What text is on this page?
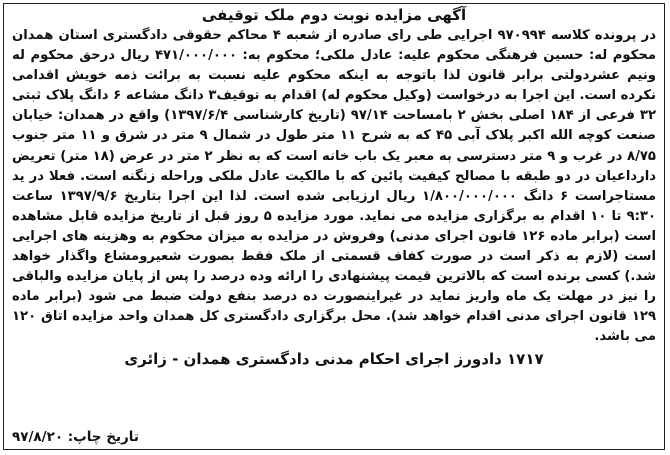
آگهی مزایده نوبت دوم ملک توقیفی
در پرونده کلاسه ۹۷۰۹۹۴ اجرایی طی رای صادره از شعبه ۴ محاکم حقوقی دادگستری استان همدان محکوم له: حسین فرهنگی محکوم علیه: عادل ملکی؛ محکوم به: ۴۷۱/۰۰۰/۰۰۰ ریال درحق محکوم له ونیم عشردولتی برابر قانون لذا باتوجه به اینکه محکوم علیه نسبت به برائت ذمه خویش اقدامی نکرده است. این اجرا به درخواست (وکیل محکوم له) اقدام به توقیف۳ دانگ مشاعه ۶ دانگ پلاک ثبتی ۳۲ فرعی از ۱۸۴ اصلی بخش ۲ بامساحت ۹۷/۱۴ (تاریخ کارشناسی ۱۳۹۷/۶/۴) واقع در همدان: خیابان صنعت کوچه الله اکبر پلاک آبی ۴۵ که به شرح ۱۱ متر طول در شمال ۹ متر در شرق و ۱۱ متر جنوب ۸/۷۵ در غرب و ۹ متر دسترسی به معبر یک باب خانه است که به نظر ۲ متر در عرض (۱۸ متر) تعریض دارداعیان در دو طبقه با مصالح کیفیت پائین که با مالکیت عادل ملکی وراحله زنگنه است. فعلا در ید مستاجراست ۶ دانگ ۱/۸۰۰/۰۰۰/۰۰۰ ریال ارزیابی شده است. لذا این اجرا بتاریخ ۱۳۹۷/۹/۶ ساعت ۹:۳۰ تا ۱۰ اقدام به برگزاری مزایده می نماید. مورد مزایده ۵ روز قبل از تاریخ مزایده قابل مشاهده است (برابر ماده ۱۲۶ قانون اجرای مدنی) وفروش در مزایده به میزان محکوم به وهزینه های اجرایی است (لازم به ذکر است در صورت کفاف قسمتی از ملک فقط بصورت شعیرومشاع واگذار خواهد شد.) کسی برنده است که بالاترین قیمت پیشنهادی را ارائه وده درصد را پس از پایان مزایده والباقی را نیز در مهلت یک ماه واریز نماید در غیراینصورت ده درصد بنفع دولت ضبط می شود (برابر ماده ۱۲۹ قانون اجرای مدنی اقدام خواهد شد). محل برگزاری دادگستری کل همدان واحد مزایده اتاق ۱۲۰ می باشد.
۱۷۱۷ دادورز اجرای احکام مدنی دادگستری همدان - زائری
تاریخ چاپ: ۹۷/۸/۲۰
